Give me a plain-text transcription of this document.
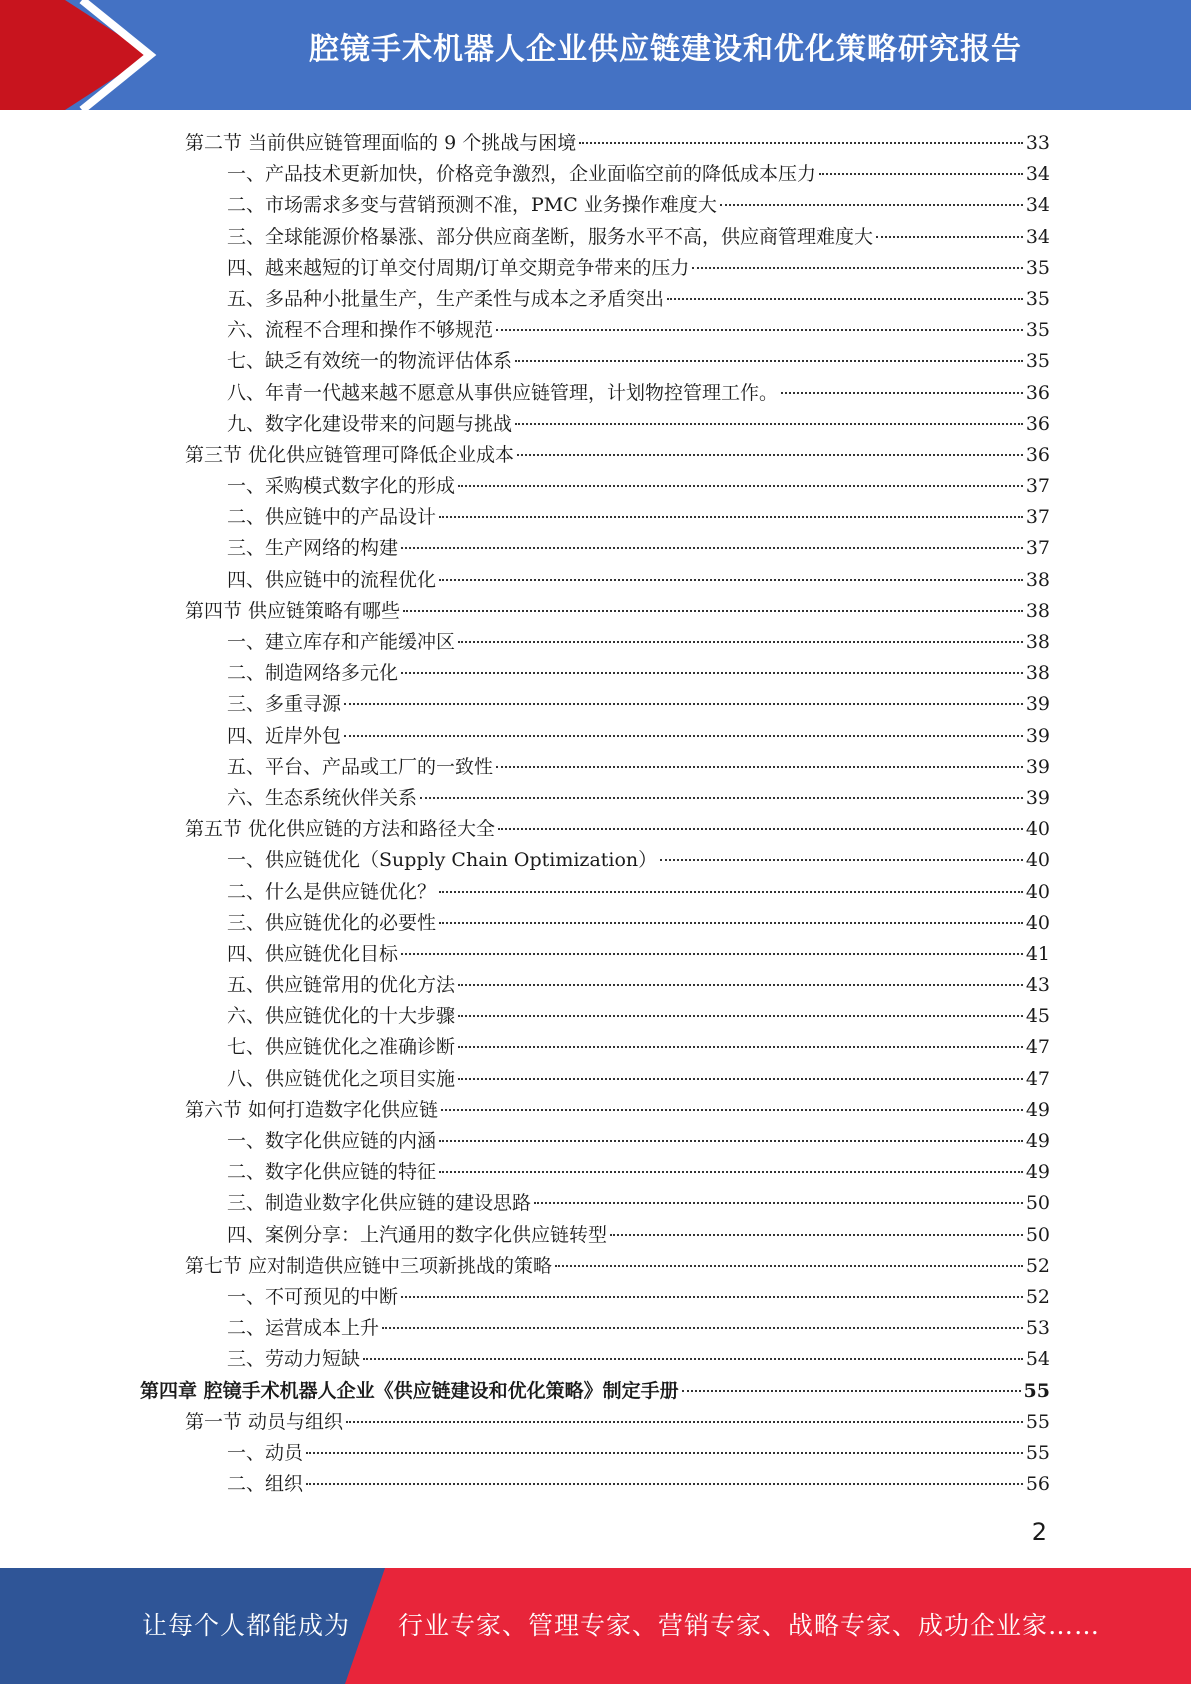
腔镜手术机器人企业供应链建设和优化策略研究报告
第二节 当前供应链管理面临的 9 个挑战与困境	33
一、产品技术更新加快，价格竞争激烈，企业面临空前的降低成本压力	34
二、市场需求多变与营销预测不准，PMC 业务操作难度大	34
三、全球能源价格暴涨、部分供应商垄断，服务水平不高，供应商管理难度大	34
四、越来越短的订单交付周期/订单交期竞争带来的压力	35
五、多品种小批量生产，生产柔性与成本之矛盾突出	35
六、流程不合理和操作不够规范	35
七、缺乏有效统一的物流评估体系	35
八、年青一代越来越不愿意从事供应链管理，计划物控管理工作。	36
九、数字化建设带来的问题与挑战	36
第三节 优化供应链管理可降低企业成本	36
一、采购模式数字化的形成	37
二、供应链中的产品设计	37
三、生产网络的构建	37
四、供应链中的流程优化	38
第四节 供应链策略有哪些	38
一、建立库存和产能缓冲区	38
二、制造网络多元化	38
三、多重寻源	39
四、近岸外包	39
五、平台、产品或工厂的一致性	39
六、生态系统伙伴关系	39
第五节 优化供应链的方法和路径大全	40
一、供应链优化（Supply Chain Optimization）	40
二、什么是供应链优化？	40
三、供应链优化的必要性	40
四、供应链优化目标	41
五、供应链常用的优化方法	43
六、供应链优化的十大步骤	45
七、供应链优化之准确诊断	47
八、供应链优化之项目实施	47
第六节 如何打造数字化供应链	49
一、数字化供应链的内涵	49
二、数字化供应链的特征	49
三、制造业数字化供应链的建设思路	50
四、案例分享：上汽通用的数字化供应链转型	50
第七节 应对制造供应链中三项新挑战的策略	52
一、不可预见的中断	52
二、运营成本上升	53
三、劳动力短缺	54
第四章 腔镜手术机器人企业《供应链建设和优化策略》制定手册	55
第一节 动员与组织	55
一、动员	55
二、组织	56
2
让每个人都能成为 行业专家、管理专家、营销专家、战略专家、成功企业家……
